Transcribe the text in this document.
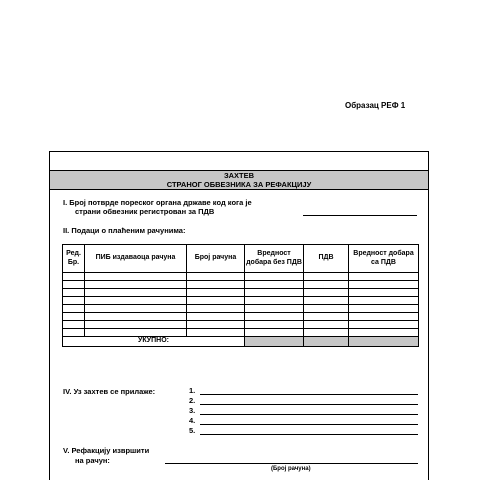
Образац РЕФ 1
ЗАХТЕВ
СТРАНОГ ОБВЕЗНИКА ЗА РЕФАКЦИЈУ
I. Број потврде пореског органа државе код кога је
страни обвезник регистрован за ПДВ
II. Подаци о плаћеним рачунима:
Ред. Бр.	ПИБ издаваоца рачуна	Број рачуна	Вредност добара без ПДВ	ПДВ	Вредност добара са ПДВ

УКУПНО:					
IV. Уз захтев се прилаже:	1.
2.
3.
4.
5.
V. Рефакцију извршити
на рачун:
(Број рачуна)
